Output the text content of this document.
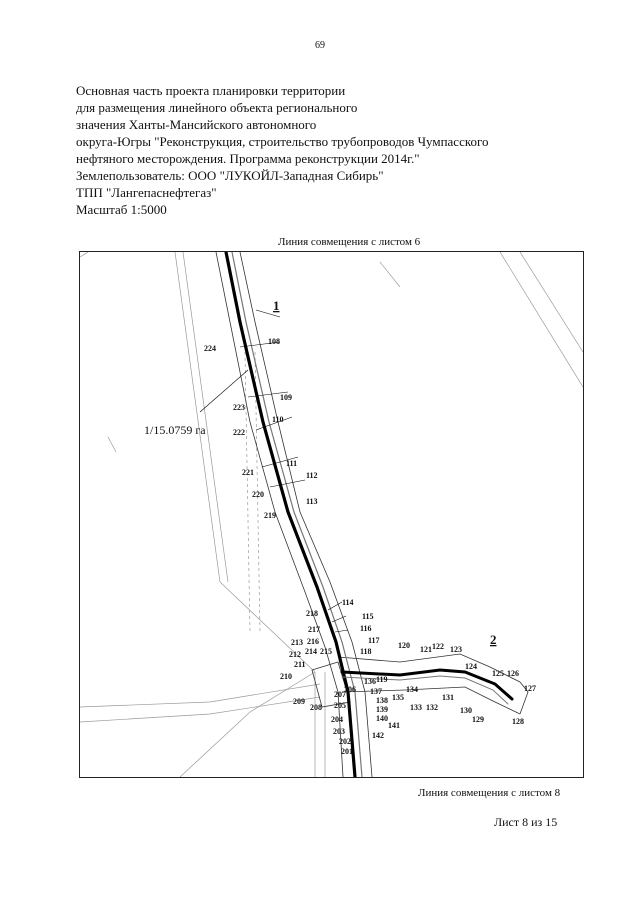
69

Основная часть проекта планировки территории
для размещения линейного объекта регионального
значения Ханты-Мансийского автономного
округа-Югры "Реконструкция, строительство трубопроводов Чумпасского
нефтяного месторождения. Программа реконструкции 2014г."
Землепользователь: ООО "ЛУКОЙЛ-Западная Сибирь"
ТПП "Лангепаснефтегаз"
Масштаб 1:5000

Линия совмещения с листом 6
1
2
1/15.0759 га
108
109
110
111
112
113
114
115
116
117
118
119
120 121 122 123
124
125 126
127
128
129
130
131
132
133
134
135
136
137
138
139
140
141
142
201
202
203
204
205
206
207
208
209
210
211
212
213
214 215
216
217
218
219
220
221
222
223
224
Линия совмещения с листом 8
Лист 8 из 15
